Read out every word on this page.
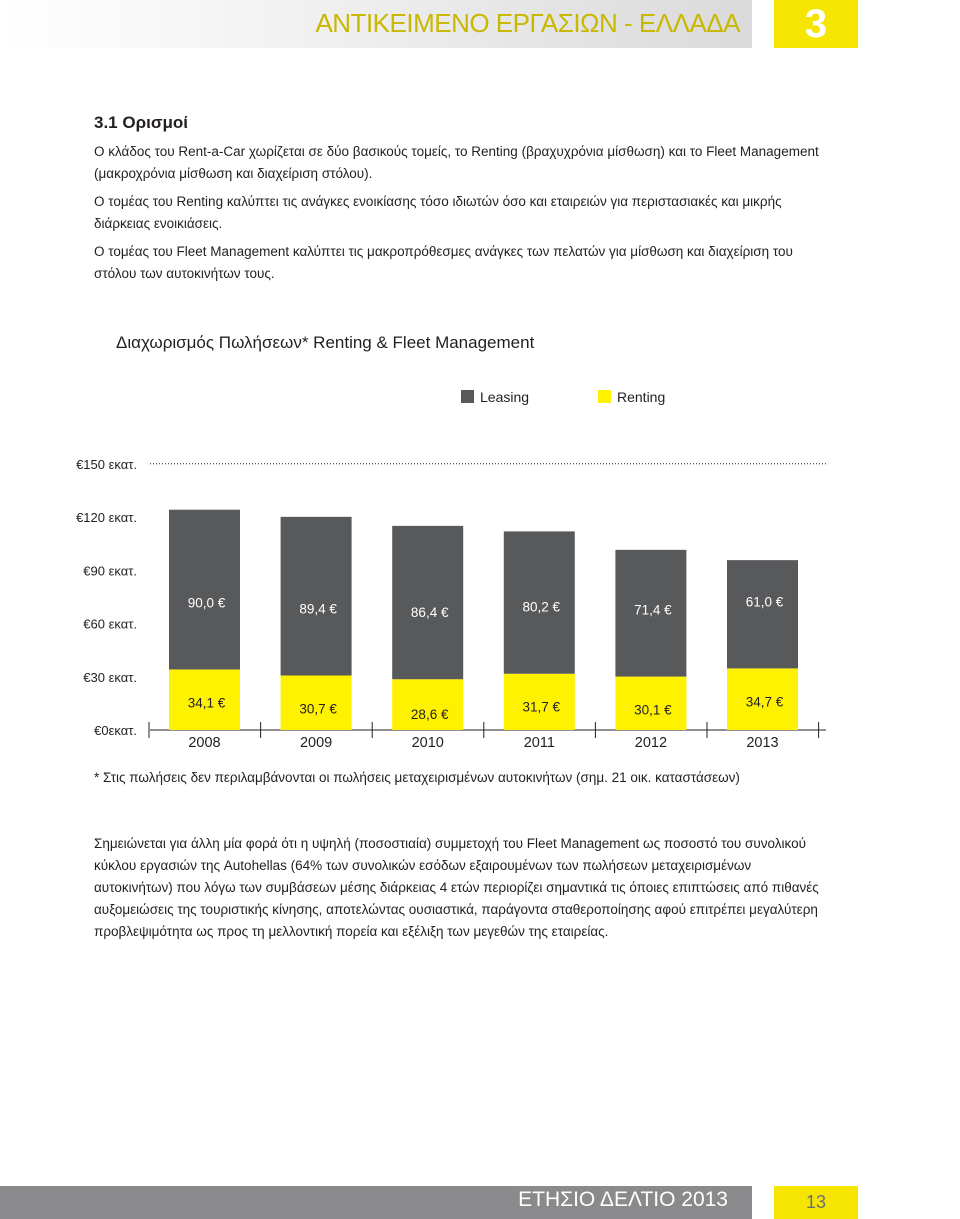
ΑΝΤΙΚΕΙΜΕΝΟ ΕΡΓΑΣΙΩΝ - ΕΛΛΑΔΑ	3
3.1 Ορισμοί

Ο κλάδος του Rent-a-Car χωρίζεται σε δύο βασικούς τομείς, το Renting (βραχυχρόνια μίσθωση) και το Fleet Management (μακροχρόνια μίσθωση και διαχείριση στόλου).

Ο τομέας του Renting καλύπτει τις ανάγκες ενοικίασης τόσο ιδιωτών όσο και εταιρειών για περιστασιακές και μικρής διάρκειας ενοικιάσεις.

Ο τομέας του Fleet Management καλύπτει τις μακροπρόθεσμες ανάγκες των πελατών για μίσθωση και διαχείριση του στόλου των αυτοκινήτων τους.

Διαχωρισμός Πωλήσεων* Renting & Fleet Management
€0εκατ.
€30 εκατ.
€60 εκατ.
€90 εκατ.
€120 εκατ.
€150 εκατ.
34,1 €
90,0 €
2008
30,7 €
89,4 €
2009
28,6 €
86,4 €
2010
31,7 €
80,2 €
2011
30,1 €
71,4 €
2012
34,7 €
61,0 €
2013
Leasing	Renting
* Στις πωλήσεις δεν περιλαμβάνονται οι πωλήσεις μεταχειρισμένων αυτοκινήτων (σημ. 21 οικ. καταστάσεων)

Σημειώνεται για άλλη μία φορά ότι η υψηλή (ποσοστιαία) συμμετοχή του Fleet Management ως ποσοστό του συνολικού κύκλου εργασιών της Autohellas (64% των συνολικών εσόδων εξαιρουμένων των πωλήσεων μεταχειρισμένων αυτοκινήτων) που λόγω των συμβάσεων μέσης διάρκειας 4 ετών περιορίζει σημαντικά τις όποιες επιπτώσεις από πιθανές αυξομειώσεις της τουριστικής κίνησης, αποτελώντας ουσιαστικά, παράγοντα σταθεροποίησης αφού επιτρέπει μεγαλύτερη προβλεψιμότητα ως προς τη μελλοντική πορεία και εξέλιξη των μεγεθών της εταιρείας.

ΕΤΗΣΙΟ ΔΕΛΤΙΟ 2013	13
